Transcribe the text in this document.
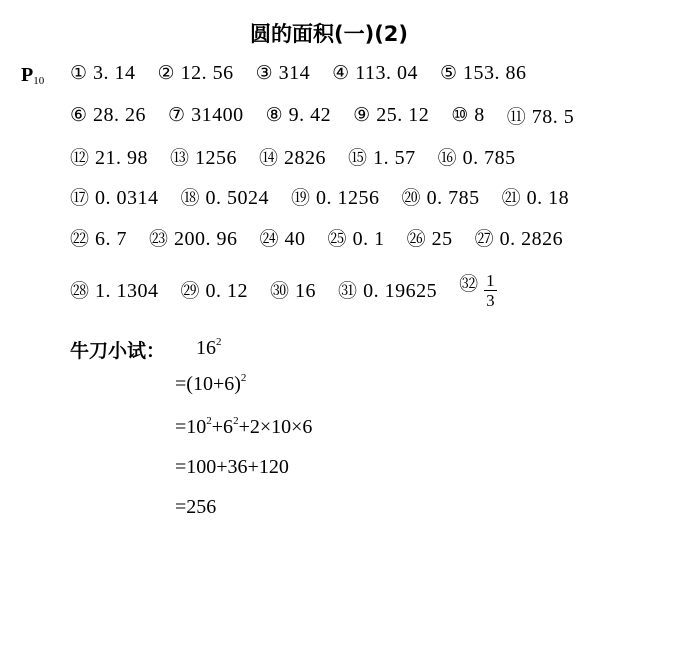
圆的面积(一)(2)
$P_{10}$ ① 3. 14 ② 12. 56 ③ 314 ④ 113. 04 ⑤ 153. 86
⑥ 28. 26 ⑦ 31400 ⑧ 9. 42 ⑨ 25. 12 ⑩ 8 ⑪ 78. 5
⑫ 21. 98 ⑬ 1256 ⑭ 2826 ⑮ 1. 57 ⑯ 0. 785
⑰ 0. 0314 ⑱ 0. 5024 ⑲ 0. 1256 ⑳ 0. 785 ㉑ 0. 18
㉒ 6. 7 ㉓ 200. 96 ㉔ 40 ㉕ 0. 1 ㉖ 25 ㉗ 0. 2826
㉘ 1. 1304 ㉙ 0. 12 ㉚ 16 ㉛ 0. 19625 ㉜ $\frac{1}{3}$
牛刀小试： $16^2$
$=(10+6)^2$
$=10^2+6^2+2\times 10\times 6$
=100+36+120
=256
